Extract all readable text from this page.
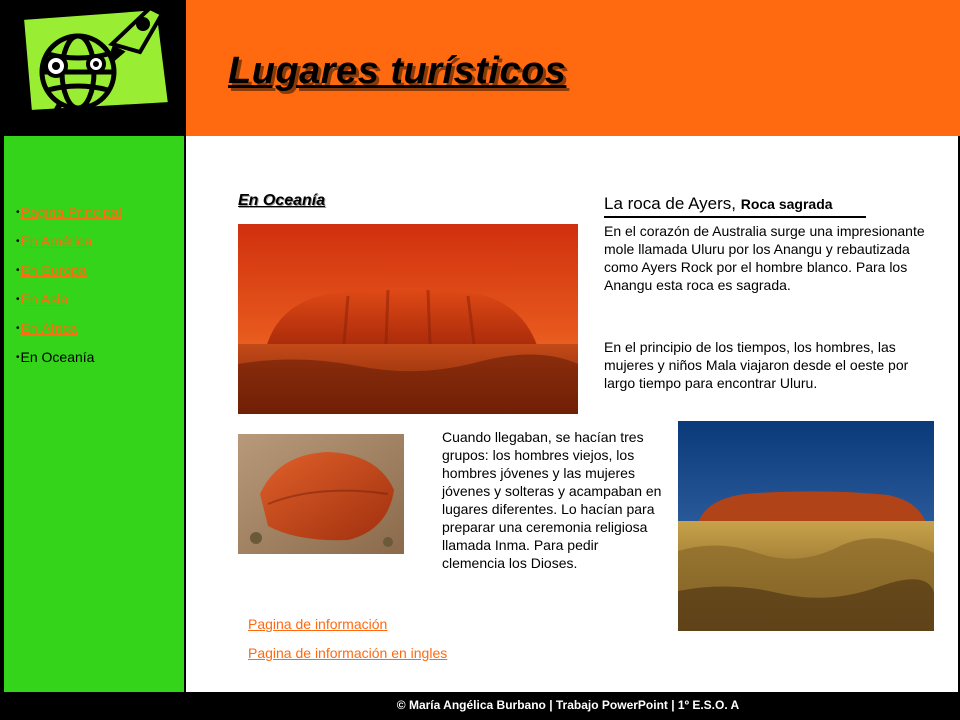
Lugares turísticos
•Pagina Principal
•En América
•En Europa
•En Asia
•En África
•En Oceanía
En Oceanía	La roca de Ayers, Roca sagrada

En el corazón de Australia surge una impresionante mole llamada Uluru por los Anangu y rebautizada como Ayers Rock por el hombre blanco. Para los Anangu esta roca es sagrada.

En el principio de los tiempos, los hombres, las mujeres y niños Mala viajaron desde el oeste por largo tiempo para encontrar Uluru.

Cuando llegaban, se hacían tres grupos: los hombres viejos, los hombres jóvenes y las mujeres jóvenes y solteras y acampaban en lugares diferentes. Lo hacían para preparar una ceremonia religiosa llamada Inma. Para pedir clemencia los Dioses.

Pagina de información
Pagina de información en ingles
© María Angélica Burbano | Trabajo PowerPoint | 1º E.S.O. A
